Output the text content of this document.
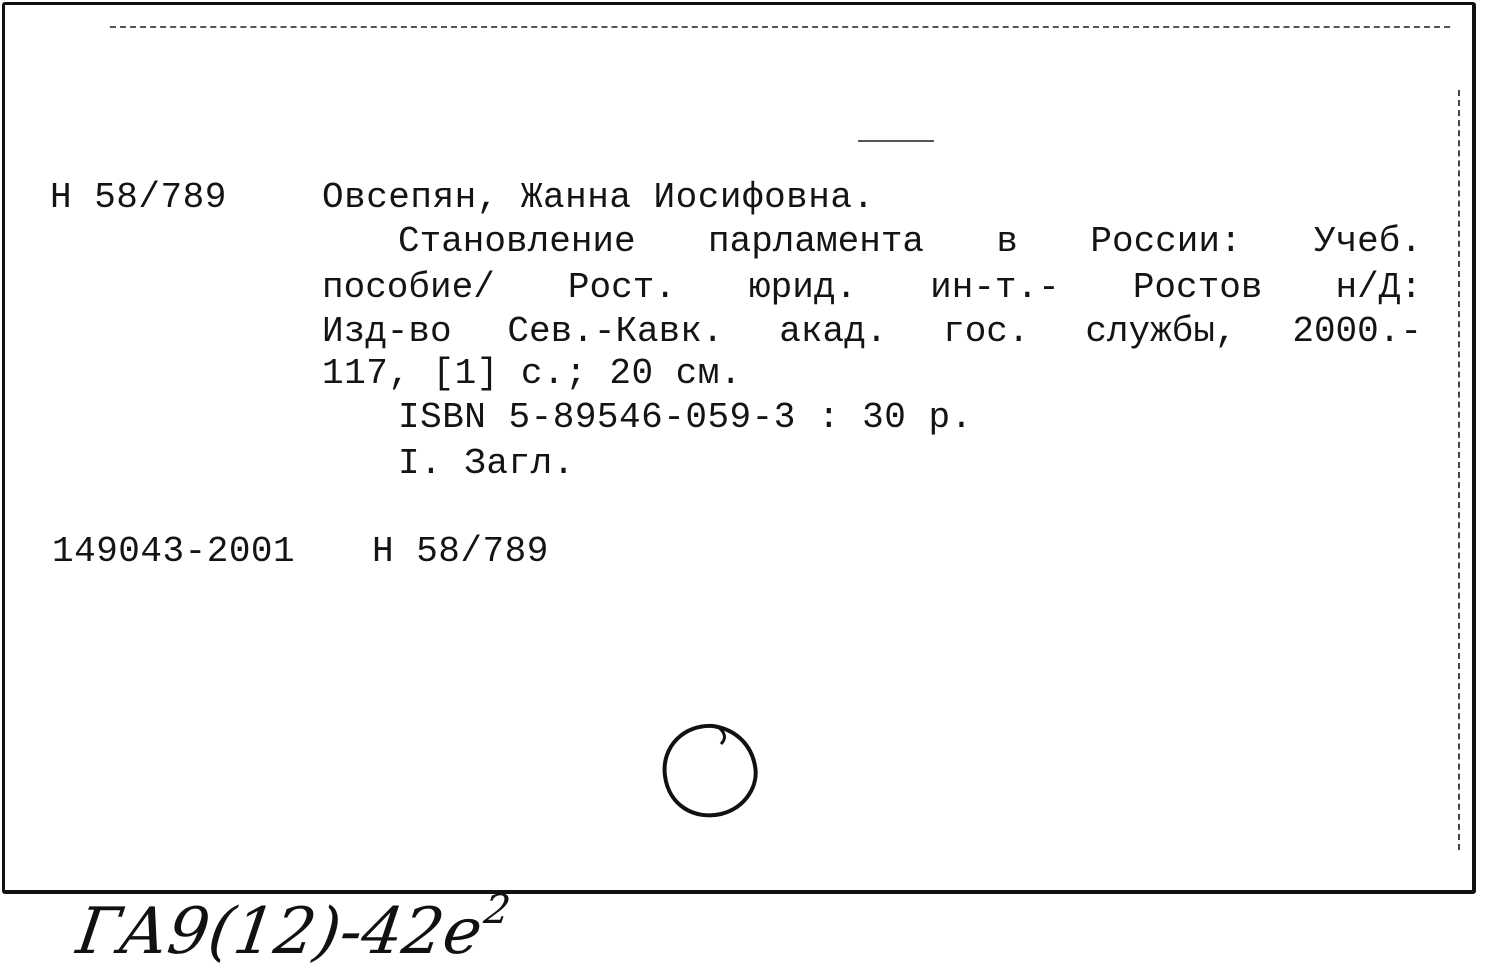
Н 58/789	Овсепян, Жанна Иосифовна.
Становление парламента в России: Учеб.
пособие/ Рост. юрид. ин-т.- Ростов н/Д:
Изд-во Сев.-Кавк. акад. гос. службы, 2000.-
117, [1] с.; 20 см.
ISBN 5-89546-059-3 : 30 р.
I. Загл.
149043-2001 Н 58/789

$ГА9(12)-42е^2$
